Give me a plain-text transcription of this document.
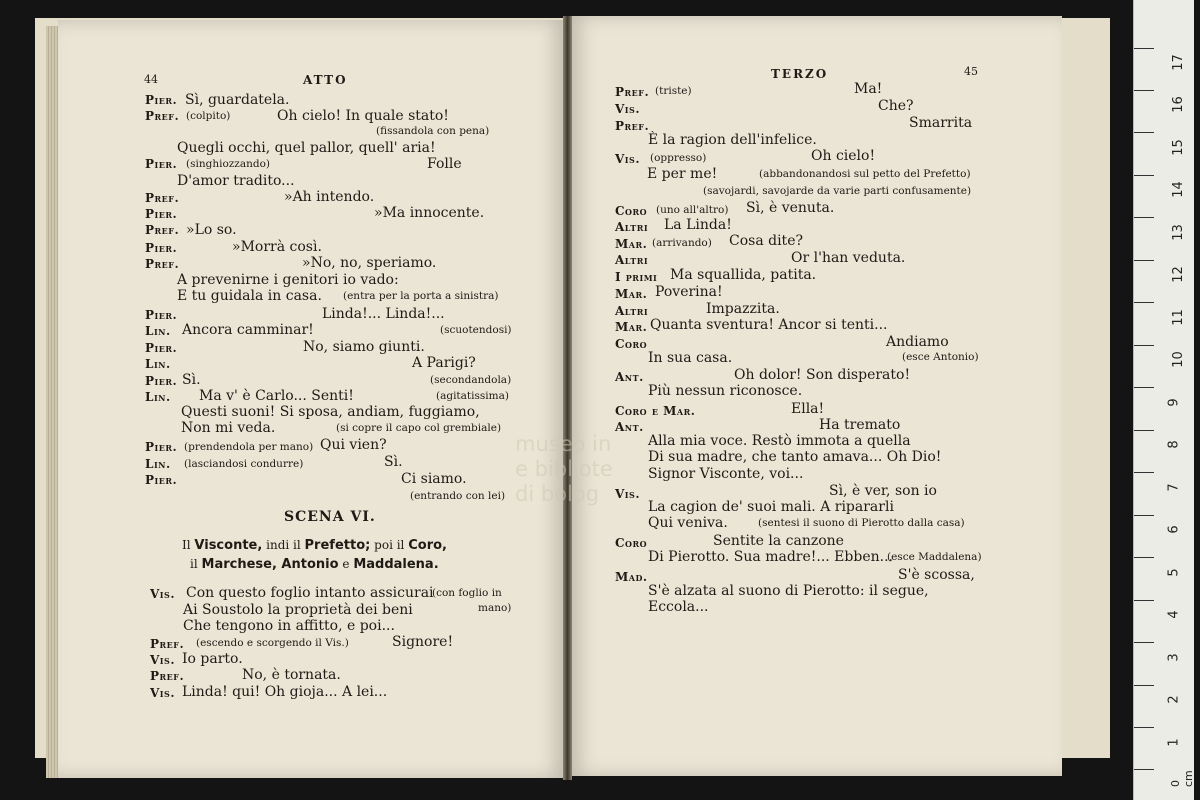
44	ATTO
Pier. Sì, guardatela.
Pref. (colpito)	Oh cielo! In quale stato!
(fissandola con pena)
Quegli occhi, quel pallor, quell' aria!
Pier. (singhiozzando)	Folle
D'amor tradito...
Pref.	»Ah intendo.
Pier.	»Ma innocente.
Pref. »Lo so.
Pier.	»Morrà così.
Pref.	»No, no, speriamo.
A prevenirne i genitori io vado:
E tu guidala in casa. (entra per la porta a sinistra)
Pier.	Linda!... Linda!...
Lin. Ancora camminar!	(scuotendosi)
Pier.	No, siamo giunti.
Lin.	A Parigi?
Pier. Sì.	(secondandola)
Lin. Ma v' è Carlo... Senti!	(agitatissima)
Questi suoni! Si sposa, andiam, fuggiamo,
Non mi veda.	(si copre il capo col grembiale)
Pier. (prendendola per mano) Qui vien?
Lin. (lasciandosi condurre)	Sì.
Pier.	Ci siamo.
(entrando con lei)
SCENA VI.
Il Visconte, indi il Prefetto; poi il Coro,
il Marchese, Antonio e Maddalena.
Vis. Con questo foglio intanto assicurai
(con foglio in
Ai Soustolo la proprietà dei beni	mano)
Che tengono in affitto, e poi...
Pref. (escendo e scorgendo il Vis.)	Signore!
Vis. Io parto.
Pref.	No, è tornata.
Vis. Linda! qui! Oh gioja... A lei...
TERZO	45
Pref. (triste)	Ma!
Vis.	Che?
Pref.	Smarrita
È la ragion dell'infelice.
Vis. (oppresso)	Oh cielo!
E per me!	(abbandonandosi sul petto del Prefetto)
(savojardi, savojarde da varie parti confusamente)
Coro (uno all'altro) Sì, è venuta.
Altri La Linda!
Mar. (arrivando) Cosa dite?
Altri	Or l'han veduta.
I primi Ma squallida, patita.
Mar. Poverina!
Altri	Impazzita.
Mar. Quanta sventura! Ancor si tenti...
Coro	Andiamo
In sua casa.	(esce Antonio)
Ant.	Oh dolor! Son disperato!
Più nessun riconosce.
Coro e Mar.	Ella!
Ant.	Ha tremato
Alla mia voce. Restò immota a quella
Di sua madre, che tanto amava... Oh Dio!
Signor Visconte, voi...
Vis.	Sì, è ver, son io
La cagion de' suoi mali. A ripararli
Qui veniva.	(sentesi il suono di Pierotto dalla casa)
Coro	Sentite la canzone
Di Pierotto. Sua madre!... Ebben...
(esce Maddalena)
Mad.	S'è scossa,
S'è alzata al suono di Pierotto: il segue,
Eccola...
museo in
e bibliote
di bolog
1
2
3
4
5
6
7
8
9
10
11
12
13
14
15
16
17
0 cm
